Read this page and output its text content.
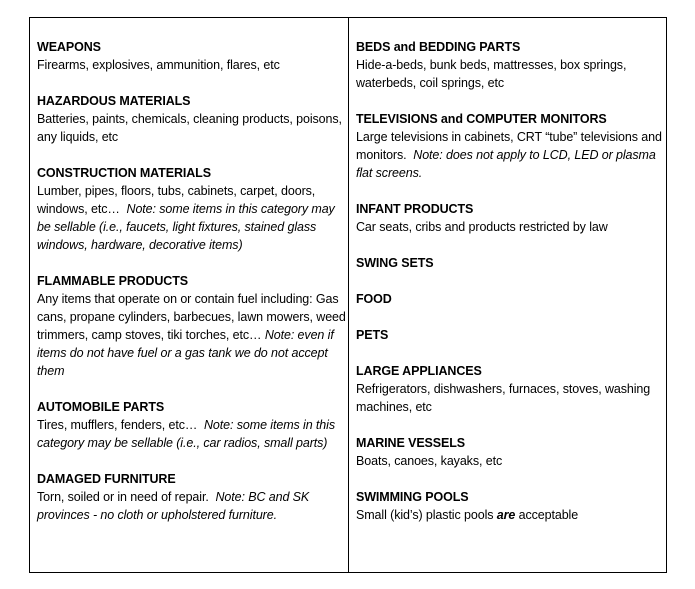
WEAPONS
Firearms, explosives, ammunition, flares, etc
HAZARDOUS MATERIALS
Batteries, paints, chemicals, cleaning products, poisons, any liquids, etc
CONSTRUCTION MATERIALS
Lumber, pipes, floors, tubs, cabinets, carpet, doors, windows, etc… Note: some items in this category may be sellable (i.e., faucets, light fixtures, stained glass windows, hardware, decorative items)
FLAMMABLE PRODUCTS
Any items that operate on or contain fuel including: Gas cans, propane cylinders, barbecues, lawn mowers, weed trimmers, camp stoves, tiki torches, etc… Note: even if items do not have fuel or a gas tank we do not accept them
AUTOMOBILE PARTS
Tires, mufflers, fenders, etc… Note: some items in this category may be sellable (i.e., car radios, small parts)
DAMAGED FURNITURE
Torn, soiled or in need of repair. Note: BC and SK provinces - no cloth or upholstered furniture.
BEDS and BEDDING PARTS
Hide-a-beds, bunk beds, mattresses, box springs, waterbeds, coil springs, etc
TELEVISIONS and COMPUTER MONITORS
Large televisions in cabinets, CRT “tube” televisions and monitors. Note: does not apply to LCD, LED or plasma flat screens.
INFANT PRODUCTS
Car seats, cribs and products restricted by law
SWING SETS
FOOD
PETS
LARGE APPLIANCES
Refrigerators, dishwashers, furnaces, stoves, washing machines, etc
MARINE VESSELS
Boats, canoes, kayaks, etc
SWIMMING POOLS
Small (kid’s) plastic pools are acceptable
